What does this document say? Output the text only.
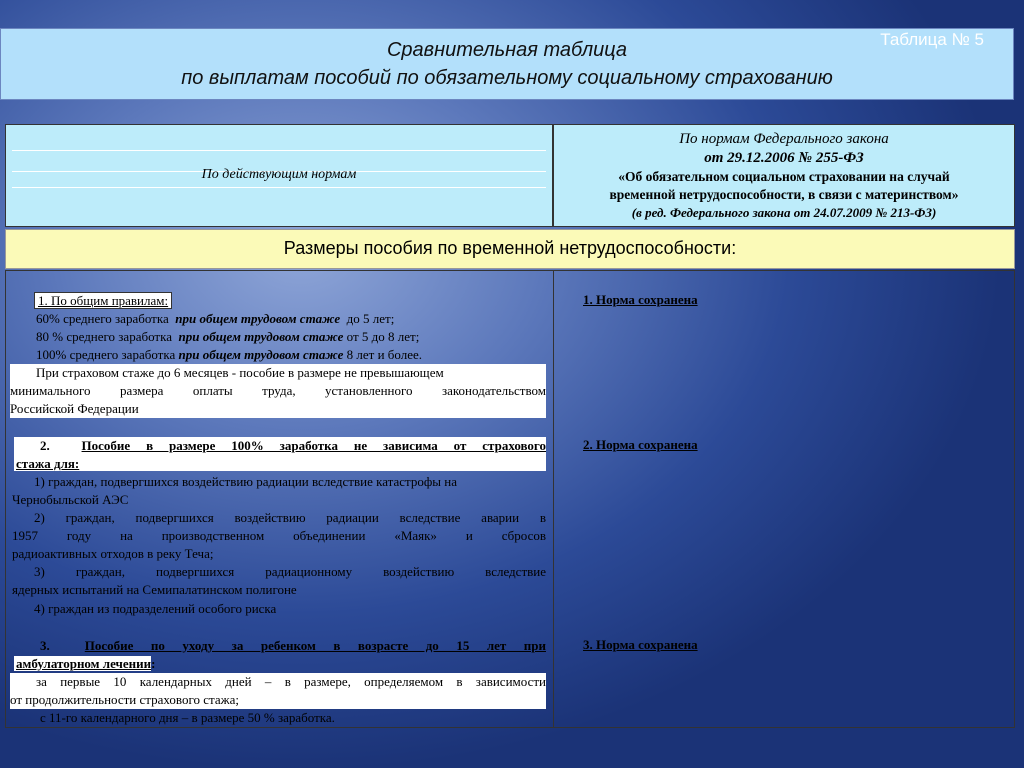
Сравнительная таблица
по выплатам пособий по обязательному социальному страхованию
Таблица № 5
По действующим нормам
По нормам Федерального закона
от 29.12.2006 № 255-ФЗ
«Об обязательном социальном страховании на случай
временной нетрудоспособности, в связи с материнством»
(в ред. Федерального закона от 24.07.2009 № 213-ФЗ)
Размеры пособия по временной нетрудоспособности:
1. По общим правилам:
60% среднего заработка при общем трудовом стаже до 5 лет;
80 % среднего заработка при общем трудовом стаже от 5 до 8 лет;
100% среднего заработка при общем трудовом стаже 8 лет и более.
При страховом стаже до 6 месяцев - пособие в размере не превышающем
минимального размера оплаты труда, установленного законодательством
Российской Федерации
2. Пособие в размере 100% заработка не зависима от страхового
стажа для:
1) граждан, подвергшихся воздействию радиации вследствие катастрофы на
Чернобыльской АЭС
2) граждан, подвергшихся воздействию радиации вследствие аварии в
1957 году на производственном объединении «Маяк» и сбросов
радиоактивных отходов в реку Теча;
3) граждан, подвергшихся радиационному воздействию вследствие
ядерных испытаний на Семипалатинском полигоне
4) граждан из подразделений особого риска
3.	Пособие по уходу за ребенком в возрасте до 15 лет при
амбулаторном лечении:
за первые 10 календарных дней – в размере, определяемом в зависимости
от продолжительности страхового стажа;
с 11-го календарного дня – в размере 50 % заработка.
1. Норма сохранена
2. Норма сохранена
3. Норма сохранена
